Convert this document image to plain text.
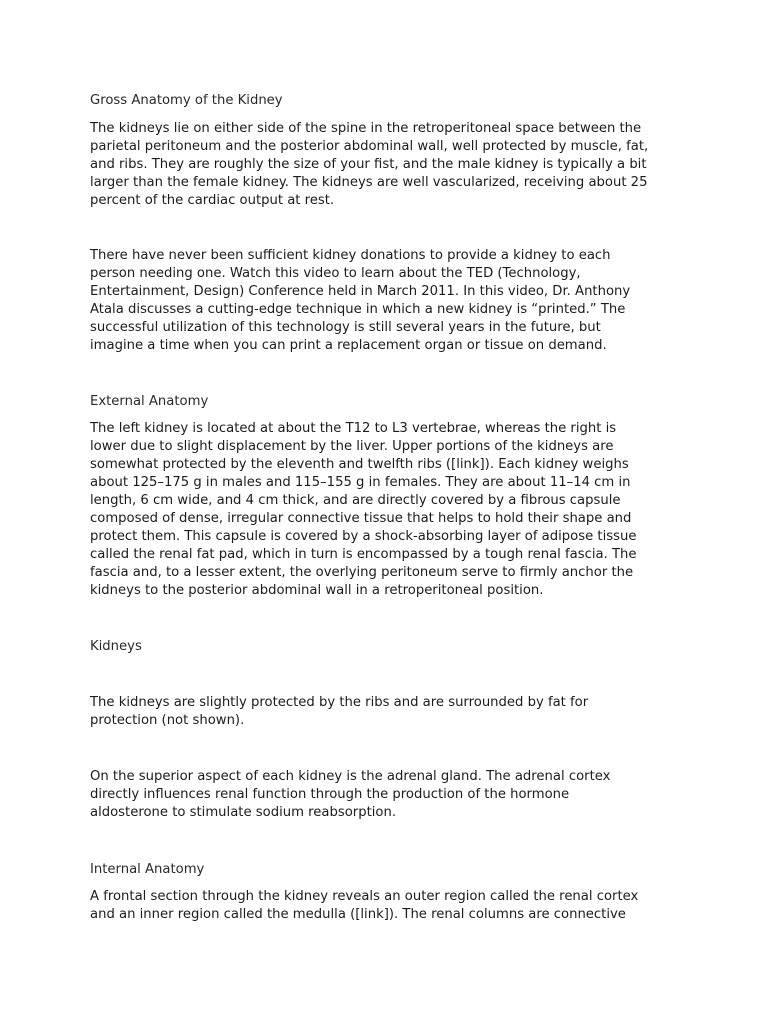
Gross Anatomy of the Kidney

The kidneys lie on either side of the spine in the retroperitoneal space between the
parietal peritoneum and the posterior abdominal wall, well protected by muscle, fat,
and ribs. They are roughly the size of your fist, and the male kidney is typically a bit
larger than the female kidney. The kidneys are well vascularized, receiving about 25
percent of the cardiac output at rest.

There have never been sufficient kidney donations to provide a kidney to each
person needing one. Watch this video to learn about the TED (Technology,
Entertainment, Design) Conference held in March 2011. In this video, Dr. Anthony
Atala discusses a cutting-edge technique in which a new kidney is “printed.” The
successful utilization of this technology is still several years in the future, but
imagine a time when you can print a replacement organ or tissue on demand.

External Anatomy

The left kidney is located at about the T12 to L3 vertebrae, whereas the right is
lower due to slight displacement by the liver. Upper portions of the kidneys are
somewhat protected by the eleventh and twelfth ribs ([link]). Each kidney weighs
about 125–175 g in males and 115–155 g in females. They are about 11–14 cm in
length, 6 cm wide, and 4 cm thick, and are directly covered by a fibrous capsule
composed of dense, irregular connective tissue that helps to hold their shape and
protect them. This capsule is covered by a shock-absorbing layer of adipose tissue
called the renal fat pad, which in turn is encompassed by a tough renal fascia. The
fascia and, to a lesser extent, the overlying peritoneum serve to firmly anchor the
kidneys to the posterior abdominal wall in a retroperitoneal position.

Kidneys

The kidneys are slightly protected by the ribs and are surrounded by fat for
protection (not shown).

On the superior aspect of each kidney is the adrenal gland. The adrenal cortex
directly influences renal function through the production of the hormone
aldosterone to stimulate sodium reabsorption.

Internal Anatomy

A frontal section through the kidney reveals an outer region called the renal cortex
and an inner region called the medulla ([link]). The renal columns are connective
